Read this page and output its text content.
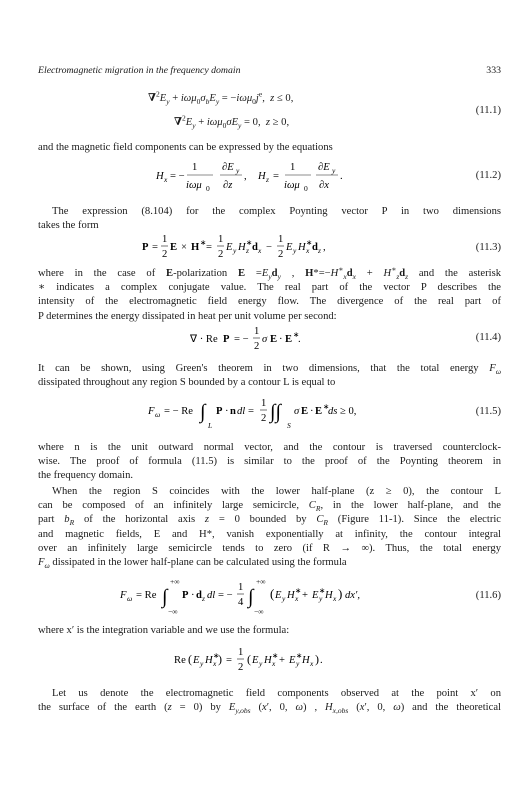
Electromagnetic migration in the frequency domain	333
$\nabla^2E_y + i\omega\mu_0\sigma_bE_y = -i\omega\mu_0j^e$,  z ≤ 0,
$\nabla^2E_y + i\omega\mu_0\sigma E_y = 0$,  z ≥ 0,
(11.1)
and the magnetic field components can be expressed by the equations
H x = −
1
iωμ 0
∂E y
∂z
, H z =
1
iωμ 0
∂E y
∂x
.	(11.2)
The expression (8.104) for the complex Poynting vector P in two dimensions
takes the form
P =
1
2
E × H ∗ =
1
2
E y H ∗
z d x −
1
2
E y H ∗
x d z ,	(11.3)
where in the case of E-polarization $E =E_yd_y$ , $H*=-H^∗_xd_x + H^∗_zd_z$ and the asterisk
∗ indicates a complex conjugate value. The real part of the vector P describes the
intensity of the electromagnetic field energy flow. The divergence of the real part of
P determines the energy dissipated in heat per unit volume per second:
∇ · Re P = −
1
2
σ E · E ∗
.	(11.4)
It can be shown, using Green's theorem in two dimensions, that the total energy $F_\omega$
dissipated throughout any region S bounded by a contour L is equal to
F ω = − Re ∫
L
P · n dl =
1
2 ∫∫
S
σ E · E ∗
ds ≥ 0,	(11.5)
where n is the unit outward normal vector, and the contour is traversed counterclock-
wise. The proof of formula (11.5) is similar to the proof of the Poynting theorem in
the frequency domain.
When the region S coincides with the lower half-plane (z ≥ 0), the contour L
can be composed of an infinitely large semicircle, $C_R$, in the lower half-plane, and the
part $b_R$ of the horizontal axis z = 0 bounded by $C_R$ (Figure 11-1). Since the electric
and magnetic fields, E and H*, vanish exponentially at infinity, the contour integral
over an infinitely large semicircle tends to zero (if R → ∞). Thus, the total energy
$F_\omega$ dissipated in the lower half-plane can be calculated using the formula
F ω = Re ∫
+∞
−∞
P · d z dl = −
1
4 ∫
+∞
−∞
( E y H ∗
x + E ∗
y H x ) dx′,	(11.6)
where x′ is the integration variable and we use the formula:
Re ( E y H ∗
x ) =
1
2
( E y H ∗
x + E ∗
y H x ) .
Let us denote the electromagnetic field components observed at the point x′ on
the surface of the earth (z = 0) by $E_{y,obs}$ (x′, 0, ω) , $H_{x,obs}$ (x′, 0, ω) and the theoretical
